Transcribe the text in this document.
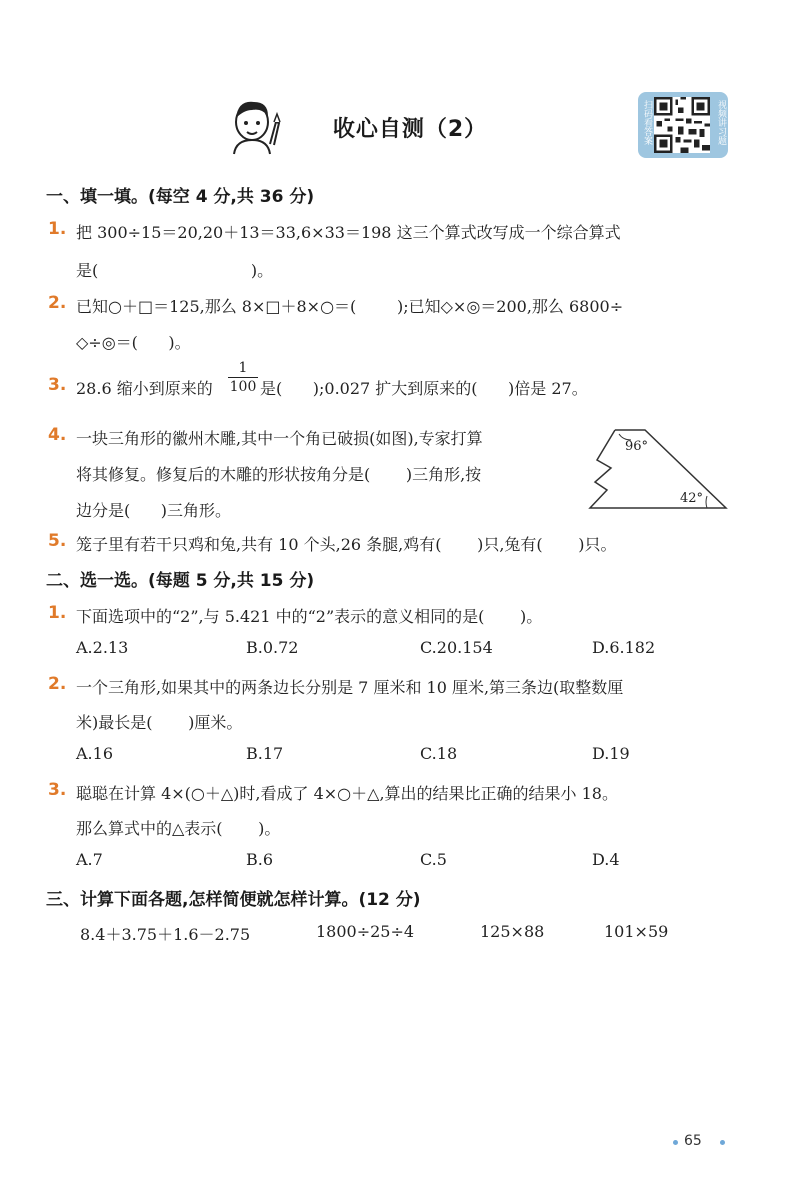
收心自测（2）	扫码看答案	视频讲习题
一、填一填。(每空 4 分,共 36 分)
1. 把 300÷15＝20,20＋13＝33,6×33＝198 这三个算式改写成一个综合算式
是(                              )。
2. 已知○＋□＝125,那么 8×□＋8×○＝(        );已知◇×◎＝200,那么 6800÷
◇÷◎＝(      )。
3. 28.6 缩小到原来的
1
100 是(      );0.027 扩大到原来的(      )倍是 27。
4. 一块三角形的徽州木雕,其中一个角已破损(如图),专家打算
将其修复。修复后的木雕的形状按角分是(       )三角形,按
边分是(      )三角形。
96°
42°
5. 笼子里有若干只鸡和兔,共有 10 个头,26 条腿,鸡有(       )只,兔有(       )只。
二、选一选。(每题 5 分,共 15 分)
1. 下面选项中的“2”,与 5.421 中的“2”表示的意义相同的是(       )。
A.2.13	B.0.72	C.20.154	D.6.182
2. 一个三角形,如果其中的两条边长分别是 7 厘米和 10 厘米,第三条边(取整数厘
米)最长是(       )厘米。
A.16	B.17	C.18	D.19
3. 聪聪在计算 4×(○＋△)时,看成了 4×○＋△,算出的结果比正确的结果小 18。
那么算式中的△表示(       )。
A.7	B.6	C.5	D.4
三、计算下面各题,怎样简便就怎样计算。(12 分)
8.4＋3.75＋1.6－2.75	1800÷25÷4	125×88	101×59
65
